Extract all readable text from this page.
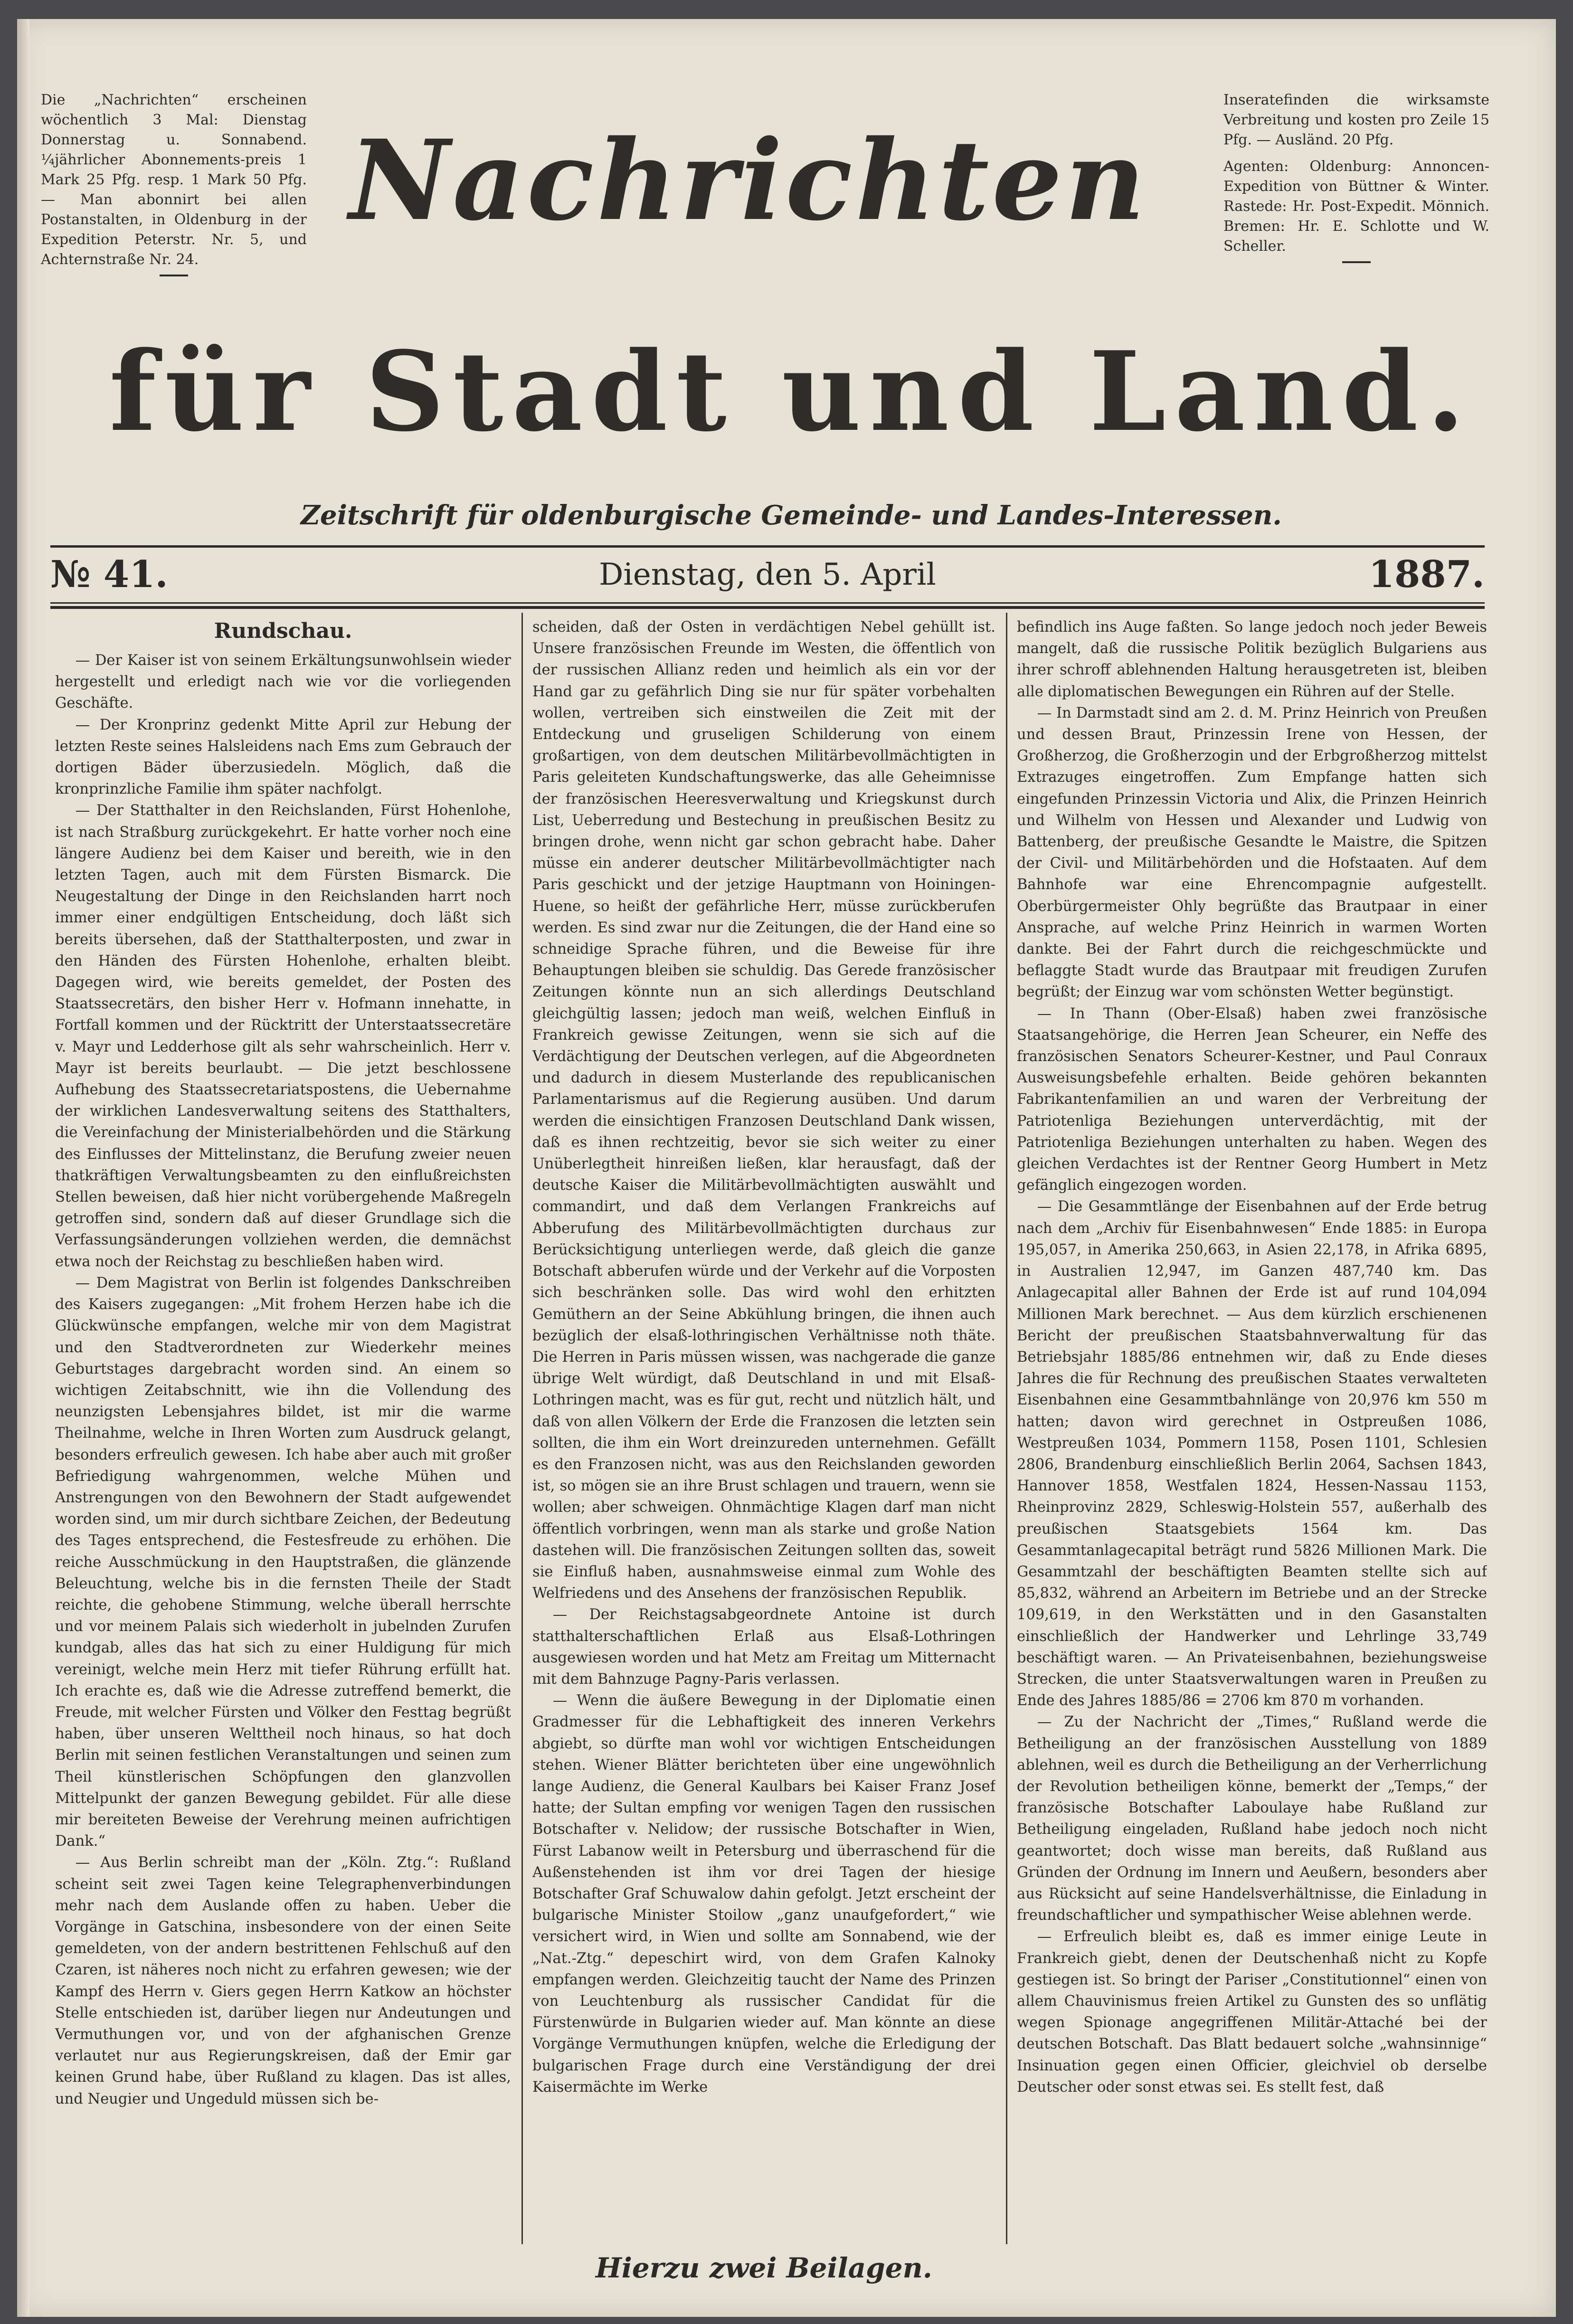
Die „Nachrichten“ erscheinen wöchentlich 3 Mal: Dienstag Donnerstag u. Sonnabend. ¼jährlicher Abonnements-preis 1 Mark 25 Pfg. resp. 1 Mark 50 Pfg. — Man abonnirt bei allen Postanstalten, in Oldenburg in der Expedition Peterstr. Nr. 5, und Achternstraße Nr. 24.

Nachrichten
für Stadt und Land.

Inseratefinden die wirksamste Verbreitung und kosten pro Zeile 15 Pfg. — Ausländ. 20 Pfg.

Agenten: Oldenburg: Annoncen-Expedition von Büttner & Winter. Rastede: Hr. Post-Expedit. Mönnich. Bremen: Hr. E. Schlotte und W. Scheller.

Zeitschrift für oldenburgische Gemeinde- und Landes-Interessen.

Dienstag, den 5. April
№ 41.	1887.
Rundschau.

— Der Kaiser ist von seinem Erkältungsunwohlsein wieder hergestellt und erledigt nach wie vor die vorliegenden Geschäfte.

— Der Kronprinz gedenkt Mitte April zur Hebung der letzten Reste seines Halsleidens nach Ems zum Gebrauch der dortigen Bäder überzusiedeln. Möglich, daß die kronprinzliche Familie ihm später nachfolgt.

— Der Statthalter in den Reichslanden, Fürst Hohenlohe, ist nach Straßburg zurückgekehrt. Er hatte vorher noch eine längere Audienz bei dem Kaiser und bereith, wie in den letzten Tagen, auch mit dem Fürsten Bismarck. Die Neugestaltung der Dinge in den Reichslanden harrt noch immer einer endgültigen Entscheidung, doch läßt sich bereits übersehen, daß der Statthalterposten, und zwar in den Händen des Fürsten Hohenlohe, erhalten bleibt. Dagegen wird, wie bereits gemeldet, der Posten des Staatssecretärs, den bisher Herr v. Hofmann innehatte, in Fortfall kommen und der Rücktritt der Unterstaatssecretäre v. Mayr und Ledderhose gilt als sehr wahrscheinlich. Herr v. Mayr ist bereits beurlaubt. — Die jetzt beschlossene Aufhebung des Staatssecretariatspostens, die Uebernahme der wirklichen Landesverwaltung seitens des Statthalters, die Vereinfachung der Ministerialbehörden und die Stärkung des Einflusses der Mittelinstanz, die Berufung zweier neuen thatkräftigen Verwaltungsbeamten zu den einflußreichsten Stellen beweisen, daß hier nicht vorübergehende Maßregeln getroffen sind, sondern daß auf dieser Grundlage sich die Verfassungsänderungen vollziehen werden, die demnächst etwa noch der Reichstag zu beschließen haben wird.

— Dem Magistrat von Berlin ist folgendes Dankschreiben des Kaisers zugegangen: „Mit frohem Herzen habe ich die Glückwünsche empfangen, welche mir von dem Magistrat und den Stadtverordneten zur Wiederkehr meines Geburtstages dargebracht worden sind. An einem so wichtigen Zeitabschnitt, wie ihn die Vollendung des neunzigsten Lebensjahres bildet, ist mir die warme Theilnahme, welche in Ihren Worten zum Ausdruck gelangt, besonders erfreulich gewesen. Ich habe aber auch mit großer Befriedigung wahrgenommen, welche Mühen und Anstrengungen von den Bewohnern der Stadt aufgewendet worden sind, um mir durch sichtbare Zeichen, der Bedeutung des Tages entsprechend, die Festesfreude zu erhöhen. Die reiche Ausschmückung in den Hauptstraßen, die glänzende Beleuchtung, welche bis in die fernsten Theile der Stadt reichte, die gehobene Stimmung, welche überall herrschte und vor meinem Palais sich wiederholt in jubelnden Zurufen kundgab, alles das hat sich zu einer Huldigung für mich vereinigt, welche mein Herz mit tiefer Rührung erfüllt hat. Ich erachte es, daß wie die Adresse zutreffend bemerkt, die Freude, mit welcher Fürsten und Völker den Festtag begrüßt haben, über unseren Welttheil noch hinaus, so hat doch Berlin mit seinen festlichen Veranstaltungen und seinen zum Theil künstlerischen Schöpfungen den glanzvollen Mittelpunkt der ganzen Bewegung gebildet. Für alle diese mir bereiteten Beweise der Verehrung meinen aufrichtigen Dank.“

— Aus Berlin schreibt man der „Köln. Ztg.“: Rußland scheint seit zwei Tagen keine Telegraphenverbindungen mehr nach dem Auslande offen zu haben. Ueber die Vorgänge in Gatschina, insbesondere von der einen Seite gemeldeten, von der andern bestrittenen Fehlschuß auf den Czaren, ist näheres noch nicht zu erfahren gewesen; wie der Kampf des Herrn v. Giers gegen Herrn Katkow an höchster Stelle entschieden ist, darüber liegen nur Andeutungen und Vermuthungen vor, und von der afghanischen Grenze verlautet nur aus Regierungskreisen, daß der Emir gar keinen Grund habe, über Rußland zu klagen. Das ist alles, und Neugier und Ungeduld müssen sich be-

scheiden, daß der Osten in verdächtigen Nebel gehüllt ist. Unsere französischen Freunde im Westen, die öffentlich von der russischen Allianz reden und heimlich als ein vor der Hand gar zu gefährlich Ding sie nur für später vorbehalten wollen, vertreiben sich einstweilen die Zeit mit der Entdeckung und gruseligen Schilderung von einem großartigen, von dem deutschen Militärbevollmächtigten in Paris geleiteten Kundschaftungswerke, das alle Geheimnisse der französischen Heeresverwaltung und Kriegskunst durch List, Ueberredung und Bestechung in preußischen Besitz zu bringen drohe, wenn nicht gar schon gebracht habe. Daher müsse ein anderer deutscher Militärbevollmächtigter nach Paris geschickt und der jetzige Hauptmann von Hoiningen-Huene, so heißt der gefährliche Herr, müsse zurückberufen werden. Es sind zwar nur die Zeitungen, die der Hand eine so schneidige Sprache führen, und die Beweise für ihre Behauptungen bleiben sie schuldig. Das Gerede französischer Zeitungen könnte nun an sich allerdings Deutschland gleichgültig lassen; jedoch man weiß, welchen Einfluß in Frankreich gewisse Zeitungen, wenn sie sich auf die Verdächtigung der Deutschen verlegen, auf die Abgeordneten und dadurch in diesem Musterlande des republicanischen Parlamentarismus auf die Regierung ausüben. Und darum werden die einsichtigen Franzosen Deutschland Dank wissen, daß es ihnen rechtzeitig, bevor sie sich weiter zu einer Unüberlegtheit hinreißen ließen, klar herausfagt, daß der deutsche Kaiser die Militärbevollmächtigten auswählt und commandirt, und daß dem Verlangen Frankreichs auf Abberufung des Militärbevollmächtigten durchaus zur Berücksichtigung unterliegen werde, daß gleich die ganze Botschaft abberufen würde und der Verkehr auf die Vorposten sich beschränken solle. Das wird wohl den erhitzten Gemüthern an der Seine Abkühlung bringen, die ihnen auch bezüglich der elsaß-lothringischen Verhältnisse noth thäte. Die Herren in Paris müssen wissen, was nachgerade die ganze übrige Welt würdigt, daß Deutschland in und mit Elsaß-Lothringen macht, was es für gut, recht und nützlich hält, und daß von allen Völkern der Erde die Franzosen die letzten sein sollten, die ihm ein Wort dreinzureden unternehmen. Gefällt es den Franzosen nicht, was aus den Reichslanden geworden ist, so mögen sie an ihre Brust schlagen und trauern, wenn sie wollen; aber schweigen. Ohnmächtige Klagen darf man nicht öffentlich vorbringen, wenn man als starke und große Nation dastehen will. Die französischen Zeitungen sollten das, soweit sie Einfluß haben, ausnahmsweise einmal zum Wohle des Welfriedens und des Ansehens der französischen Republik.

— Der Reichstagsabgeordnete Antoine ist durch statthalterschaftlichen Erlaß aus Elsaß-Lothringen ausgewiesen worden und hat Metz am Freitag um Mitternacht mit dem Bahnzuge Pagny-Paris verlassen.

— Wenn die äußere Bewegung in der Diplomatie einen Gradmesser für die Lebhaftigkeit des inneren Verkehrs abgiebt, so dürfte man wohl vor wichtigen Entscheidungen stehen. Wiener Blätter berichteten über eine ungewöhnlich lange Audienz, die General Kaulbars bei Kaiser Franz Josef hatte; der Sultan empfing vor wenigen Tagen den russischen Botschafter v. Nelidow; der russische Botschafter in Wien, Fürst Labanow weilt in Petersburg und überraschend für die Außenstehenden ist ihm vor drei Tagen der hiesige Botschafter Graf Schuwalow dahin gefolgt. Jetzt erscheint der bulgarische Minister Stoilow „ganz unaufgefordert,“ wie versichert wird, in Wien und sollte am Sonnabend, wie der „Nat.-Ztg.“ depeschirt wird, von dem Grafen Kalnoky empfangen werden. Gleichzeitig taucht der Name des Prinzen von Leuchtenburg als russischer Candidat für die Fürstenwürde in Bulgarien wieder auf. Man könnte an diese Vorgänge Vermuthungen knüpfen, welche die Erledigung der bulgarischen Frage durch eine Verständigung der drei Kaisermächte im Werke

befindlich ins Auge faßten. So lange jedoch noch jeder Beweis mangelt, daß die russische Politik bezüglich Bulgariens aus ihrer schroff ablehnenden Haltung herausgetreten ist, bleiben alle diplomatischen Bewegungen ein Rühren auf der Stelle.

— In Darmstadt sind am 2. d. M. Prinz Heinrich von Preußen und dessen Braut, Prinzessin Irene von Hessen, der Großherzog, die Großherzogin und der Erbgroßherzog mittelst Extrazuges eingetroffen. Zum Empfange hatten sich eingefunden Prinzessin Victoria und Alix, die Prinzen Heinrich und Wilhelm von Hessen und Alexander und Ludwig von Battenberg, der preußische Gesandte le Maistre, die Spitzen der Civil- und Militärbehörden und die Hofstaaten. Auf dem Bahnhofe war eine Ehrencompagnie aufgestellt. Oberbürgermeister Ohly begrüßte das Brautpaar in einer Ansprache, auf welche Prinz Heinrich in warmen Worten dankte. Bei der Fahrt durch die reichgeschmückte und beflaggte Stadt wurde das Brautpaar mit freudigen Zurufen begrüßt; der Einzug war vom schönsten Wetter begünstigt.

— In Thann (Ober-Elsaß) haben zwei französische Staatsangehörige, die Herren Jean Scheurer, ein Neffe des französischen Senators Scheurer-Kestner, und Paul Conraux Ausweisungsbefehle erhalten. Beide gehören bekannten Fabrikantenfamilien an und waren der Verbreitung der Patriotenliga Beziehungen unterverdächtig, mit der Patriotenliga Beziehungen unterhalten zu haben. Wegen des gleichen Verdachtes ist der Rentner Georg Humbert in Metz gefänglich eingezogen worden.

— Die Gesammtlänge der Eisenbahnen auf der Erde betrug nach dem „Archiv für Eisenbahnwesen“ Ende 1885: in Europa 195,057, in Amerika 250,663, in Asien 22,178, in Afrika 6895, in Australien 12,947, im Ganzen 487,740 km. Das Anlagecapital aller Bahnen der Erde ist auf rund 104,094 Millionen Mark berechnet. — Aus dem kürzlich erschienenen Bericht der preußischen Staatsbahnverwaltung für das Betriebsjahr 1885/86 entnehmen wir, daß zu Ende dieses Jahres die für Rechnung des preußischen Staates verwalteten Eisenbahnen eine Gesammtbahnlänge von 20,976 km 550 m hatten; davon wird gerechnet in Ostpreußen 1086, Westpreußen 1034, Pommern 1158, Posen 1101, Schlesien 2806, Brandenburg einschließlich Berlin 2064, Sachsen 1843, Hannover 1858, Westfalen 1824, Hessen-Nassau 1153, Rheinprovinz 2829, Schleswig-Holstein 557, außerhalb des preußischen Staatsgebiets 1564 km. Das Gesammtanlagecapital beträgt rund 5826 Millionen Mark. Die Gesammtzahl der beschäftigten Beamten stellte sich auf 85,832, während an Arbeitern im Betriebe und an der Strecke 109,619, in den Werkstätten und in den Gasanstalten einschließlich der Handwerker und Lehrlinge 33,749 beschäftigt waren. — An Privateisenbahnen, beziehungsweise Strecken, die unter Staatsverwaltungen waren in Preußen zu Ende des Jahres 1885/86 = 2706 km 870 m vorhanden.

— Zu der Nachricht der „Times,“ Rußland werde die Betheiligung an der französischen Ausstellung von 1889 ablehnen, weil es durch die Betheiligung an der Verherrlichung der Revolution betheiligen könne, bemerkt der „Temps,“ der französische Botschafter Laboulaye habe Rußland zur Betheiligung eingeladen, Rußland habe jedoch noch nicht geantwortet; doch wisse man bereits, daß Rußland aus Gründen der Ordnung im Innern und Aeußern, besonders aber aus Rücksicht auf seine Handelsverhältnisse, die Einladung in freundschaftlicher und sympathischer Weise ablehnen werde.

— Erfreulich bleibt es, daß es immer einige Leute in Frankreich giebt, denen der Deutschenhaß nicht zu Kopfe gestiegen ist. So bringt der Pariser „Constitutionnel“ einen von allem Chauvinismus freien Artikel zu Gunsten des so unflätig wegen Spionage angegriffenen Militär-Attaché bei der deutschen Botschaft. Das Blatt bedauert solche „wahnsinnige“ Insinuation gegen einen Officier, gleichviel ob derselbe Deutscher oder sonst etwas sei. Es stellt fest, daß

Hierzu zwei Beilagen.
